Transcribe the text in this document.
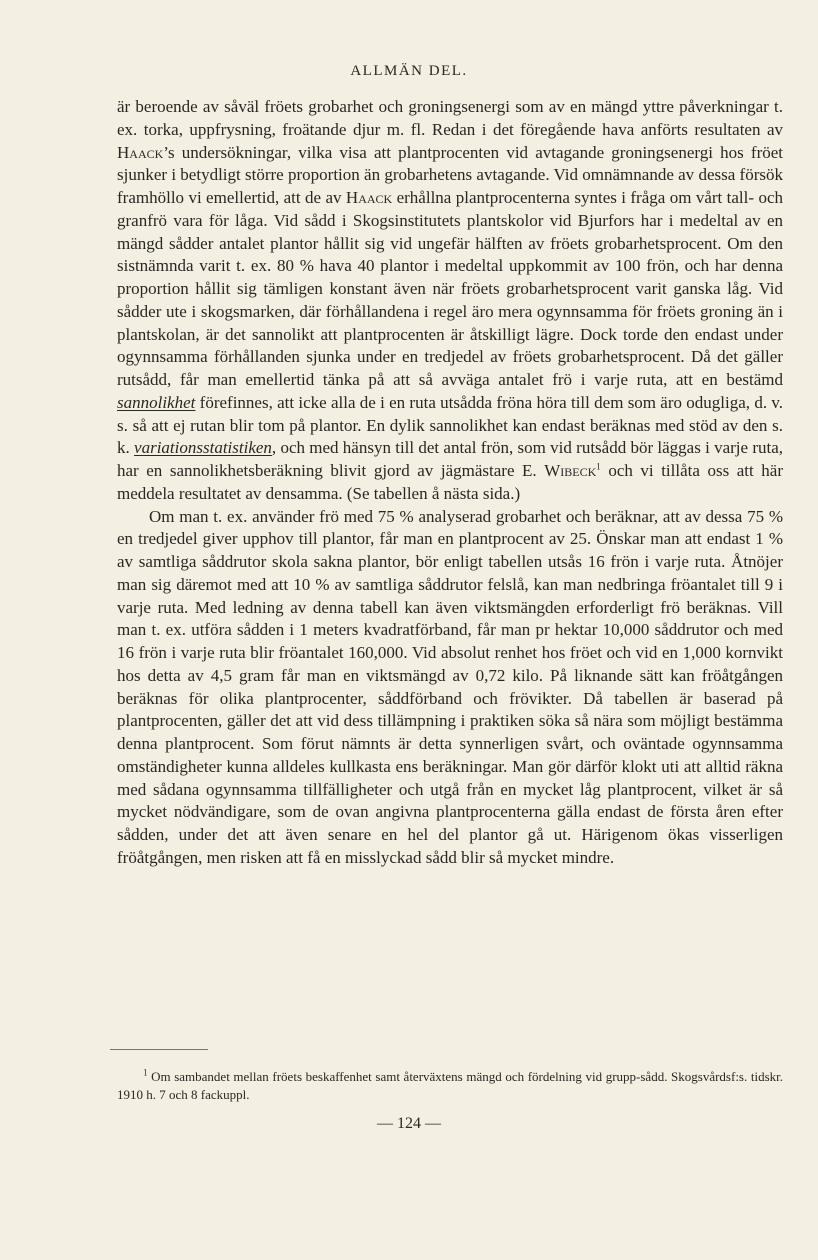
ALLMÄN DEL.

är beroende av såväl fröets grobarhet och groningsenergi som av en mängd yttre påverkningar t. ex. torka, uppfrysning, froätande djur m. fl. Redan i det föregående hava anförts resultaten av Haack’s undersökningar, vilka visa att plantprocenten vid avtagande groningsenergi hos fröet sjunker i betydligt större proportion än grobarhetens avtagande. Vid omnämnande av dessa försök framhöllo vi emellertid, att de av Haack erhållna plantprocenterna syntes i fråga om vårt tall- och granfrö vara för låga. Vid sådd i Skogsinstitutets plantskolor vid Bjurfors har i medeltal av en mängd sådder antalet plantor hållit sig vid ungefär hälften av fröets grobarhetsprocent. Om den sistnämnda varit t. ex. 80 % hava 40 plantor i medeltal uppkommit av 100 frön, och har denna proportion hållit sig tämligen konstant även när fröets grobarhetsprocent varit ganska låg. Vid sådder ute i skogsmarken, där förhållandena i regel äro mera ogynnsamma för fröets groning än i plantskolan, är det sannolikt att plantprocenten är åtskilligt lägre. Dock torde den endast under ogynnsamma förhållanden sjunka under en tredjedel av fröets grobarhetsprocent. Då det gäller rutsådd, får man emellertid tänka på att så avväga antalet frö i varje ruta, att en bestämd sannolikhet förefinnes, att icke alla de i en ruta utsådda fröna höra till dem som äro odugliga, d. v. s. så att ej rutan blir tom på plantor. En dylik sannolikhet kan endast beräknas med stöd av den s. k. variationsstatistiken, och med hänsyn till det antal frön, som vid rutsådd bör läggas i varje ruta, har en sannolikhetsberäkning blivit gjord av jägmästare E. Wibeck$^1$ och vi tillåta oss att här meddela resultatet av densamma. (Se tabellen å nästa sida.)

Om man t. ex. använder frö med 75 % analyserad grobarhet och beräknar, att av dessa 75 % en tredjedel giver upphov till plantor, får man en plantprocent av 25. Önskar man att endast 1 % av samtliga såddrutor skola sakna plantor, bör enligt tabellen utsås 16 frön i varje ruta. Åtnöjer man sig däremot med att 10 % av samtliga såddrutor felslå, kan man nedbringa fröantalet till 9 i varje ruta. Med ledning av denna tabell kan även viktsmängden erforderligt frö beräknas. Vill man t. ex. utföra sådden i 1 meters kvadratförband, får man pr hektar 10,000 såddrutor och med 16 frön i varje ruta blir fröantalet 160,000. Vid absolut renhet hos fröet och vid en 1,000 kornvikt hos detta av 4,5 gram får man en viktsmängd av 0,72 kilo. På liknande sätt kan fröåtgången beräknas för olika plantprocenter, såddförband och frövikter. Då tabellen är baserad på plantprocenten, gäller det att vid dess tillämpning i praktiken söka så nära som möjligt bestämma denna plantprocent. Som förut nämnts är detta synnerligen svårt, och oväntade ogynnsamma omständigheter kunna alldeles kullkasta ens beräkningar. Man gör därför klokt uti att alltid räkna med sådana ogynnsamma tillfälligheter och utgå från en mycket låg plantprocent, vilket är så mycket nödvändigare, som de ovan angivna plantprocenterna gälla endast de första åren efter sådden, under det att även senare en hel del plantor gå ut. Härigenom ökas visserligen fröåtgången, men risken att få en misslyckad sådd blir så mycket mindre.

$^1$ Om sambandet mellan fröets beskaffenhet samt återväxtens mängd och fördelning vid grupp-sådd. Skogsvårdsf:s. tidskr. 1910 h. 7 och 8 fackuppl.

— 124 —
